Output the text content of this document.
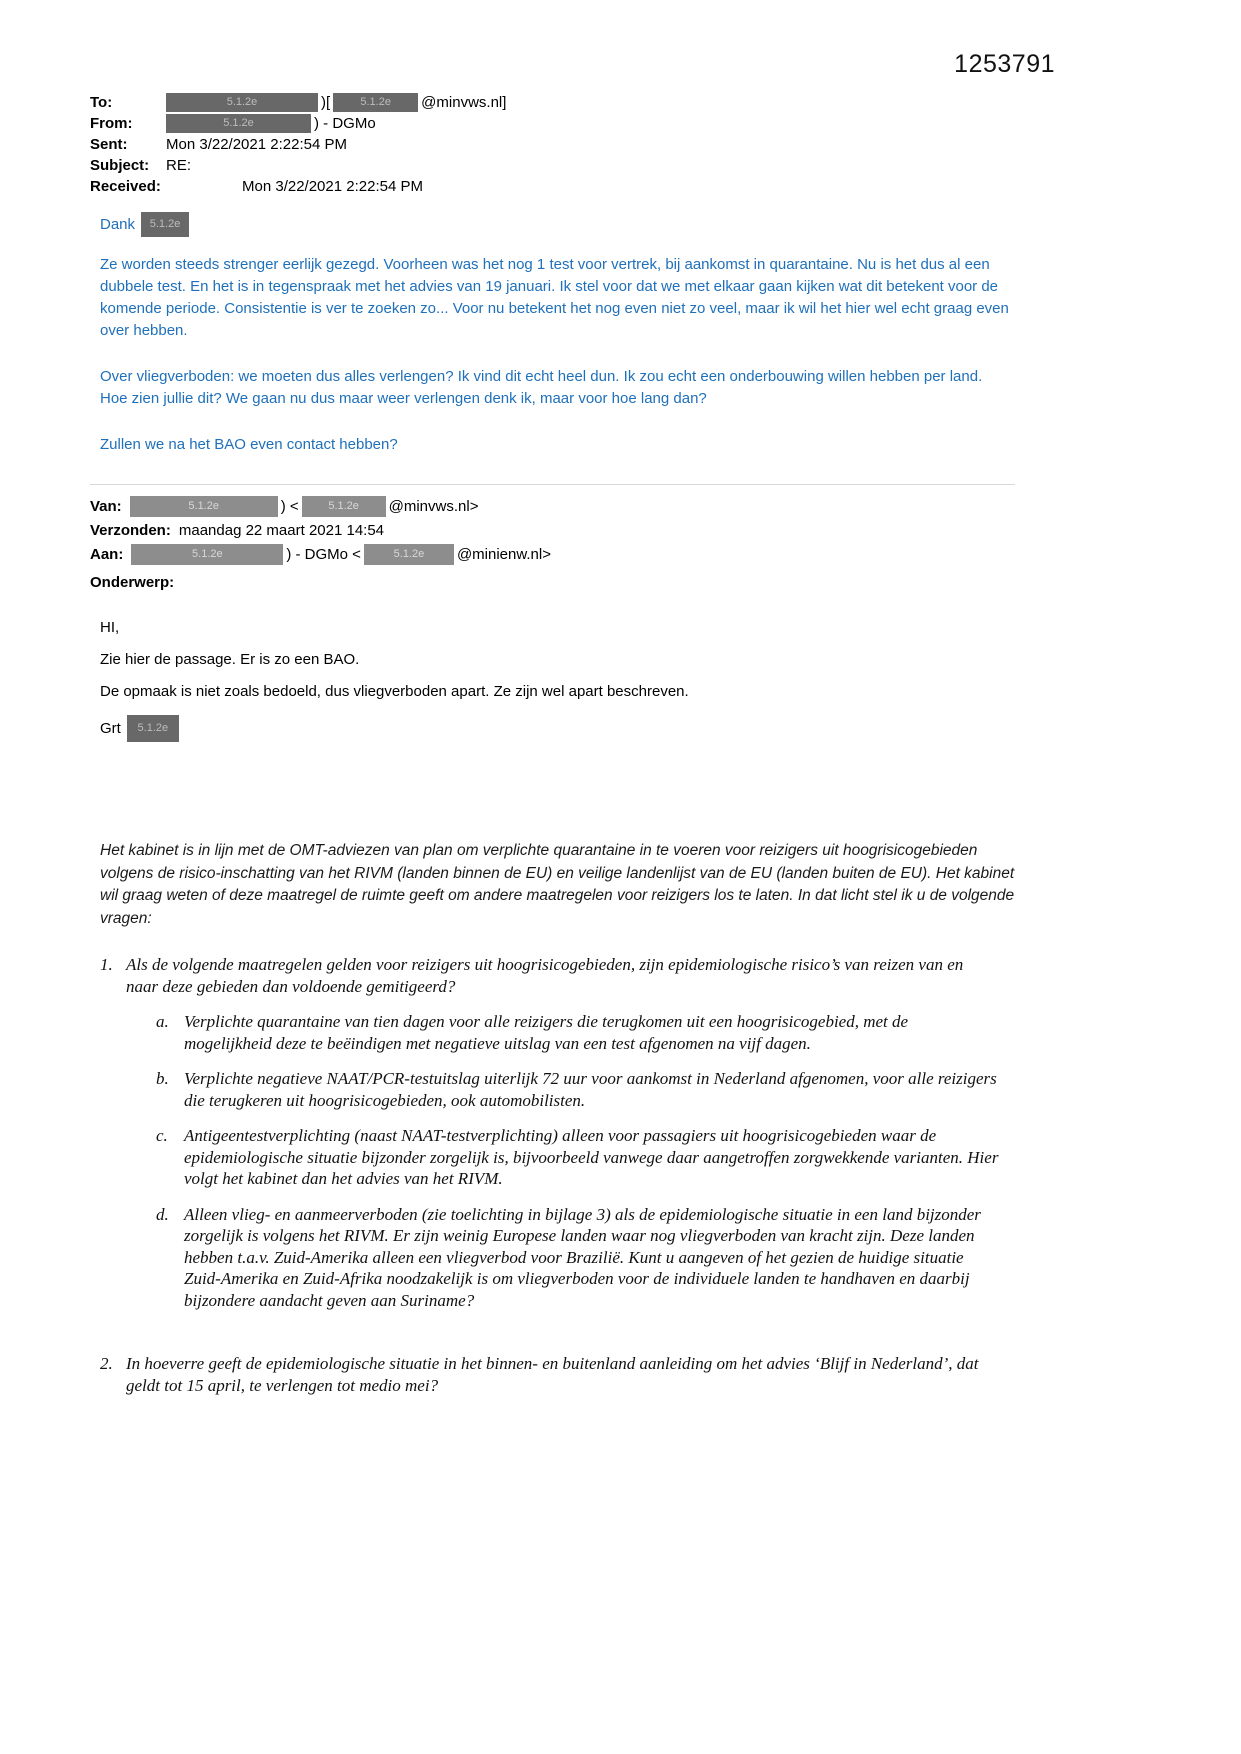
1253791
To:	5.1.2e	)[	5.1.2e	@minvws.nl]
From:	5.1.2e	) - DGMo
Sent:	Mon 3/22/2021 2:22:54 PM
Subject:	RE:
Received:	Mon 3/22/2021 2:22:54 PM
Dank	5.1.2e

Ze worden steeds strenger eerlijk gezegd. Voorheen was het nog 1 test voor vertrek, bij aankomst in quarantaine. Nu is het dus al een dubbele test. En het is in tegenspraak met het advies van 19 januari. Ik stel voor dat we met elkaar gaan kijken wat dit betekent voor de komende periode. Consistentie is ver te zoeken zo... Voor nu betekent het nog even niet zo veel, maar ik wil het hier wel echt graag even over hebben.

Over vliegverboden: we moeten dus alles verlengen? Ik vind dit echt heel dun. Ik zou echt een onderbouwing willen hebben per land. Hoe zien jullie dit? We gaan nu dus maar weer verlengen denk ik, maar voor hoe lang dan?

Zullen we na het BAO even contact hebben?

Van:	5.1.2e	) <	5.1.2e	@minvws.nl>
Verzonden: maandag 22 maart 2021 14:54
Aan:	5.1.2e	) - DGMo <	5.1.2e	@minienw.nl>
Onderwerp:

HI,

Zie hier de passage. Er is zo een BAO.

De opmaak is niet zoals bedoeld, dus vliegverboden apart. Ze zijn wel apart beschreven.

Grt	5.1.2e

Het kabinet is in lijn met de OMT-adviezen van plan om verplichte quarantaine in te voeren voor reizigers uit hoogrisicogebieden volgens de risico-inschatting van het RIVM (landen binnen de EU) en veilige landenlijst van de EU (landen buiten de EU). Het kabinet wil graag weten of deze maatregel de ruimte geeft om andere maatregelen voor reizigers los te laten. In dat licht stel ik u de volgende vragen:

1. Als de volgende maatregelen gelden voor reizigers uit hoogrisicogebieden, zijn epidemiologische risico’s van reizen van en naar deze gebieden dan voldoende gemitigeerd?
a. Verplichte quarantaine van tien dagen voor alle reizigers die terugkomen uit een hoogrisicogebied, met de mogelijkheid deze te beëindigen met negatieve uitslag van een test afgenomen na vijf dagen.
b. Verplichte negatieve NAAT/PCR-testuitslag uiterlijk 72 uur voor aankomst in Nederland afgenomen, voor alle reizigers die terugkeren uit hoogrisicogebieden, ook automobilisten.
c. Antigeentestverplichting (naast NAAT-testverplichting) alleen voor passagiers uit hoogrisicogebieden waar de epidemiologische situatie bijzonder zorgelijk is, bijvoorbeeld vanwege daar aangetroffen zorgwekkende varianten. Hier volgt het kabinet dan het advies van het RIVM.
d. Alleen vlieg- en aanmeerverboden (zie toelichting in bijlage 3) als de epidemiologische situatie in een land bijzonder zorgelijk is volgens het RIVM. Er zijn weinig Europese landen waar nog vliegverboden van kracht zijn. Deze landen hebben t.a.v. Zuid-Amerika alleen een vliegverbod voor Brazilië. Kunt u aangeven of het gezien de huidige situatie Zuid-Amerika en Zuid-Afrika noodzakelijk is om vliegverboden voor de individuele landen te handhaven en daarbij bijzondere aandacht geven aan Suriname?
2. In hoeverre geeft de epidemiologische situatie in het binnen- en buitenland aanleiding om het advies ‘Blijf in Nederland’, dat geldt tot 15 april, te verlengen tot medio mei?
